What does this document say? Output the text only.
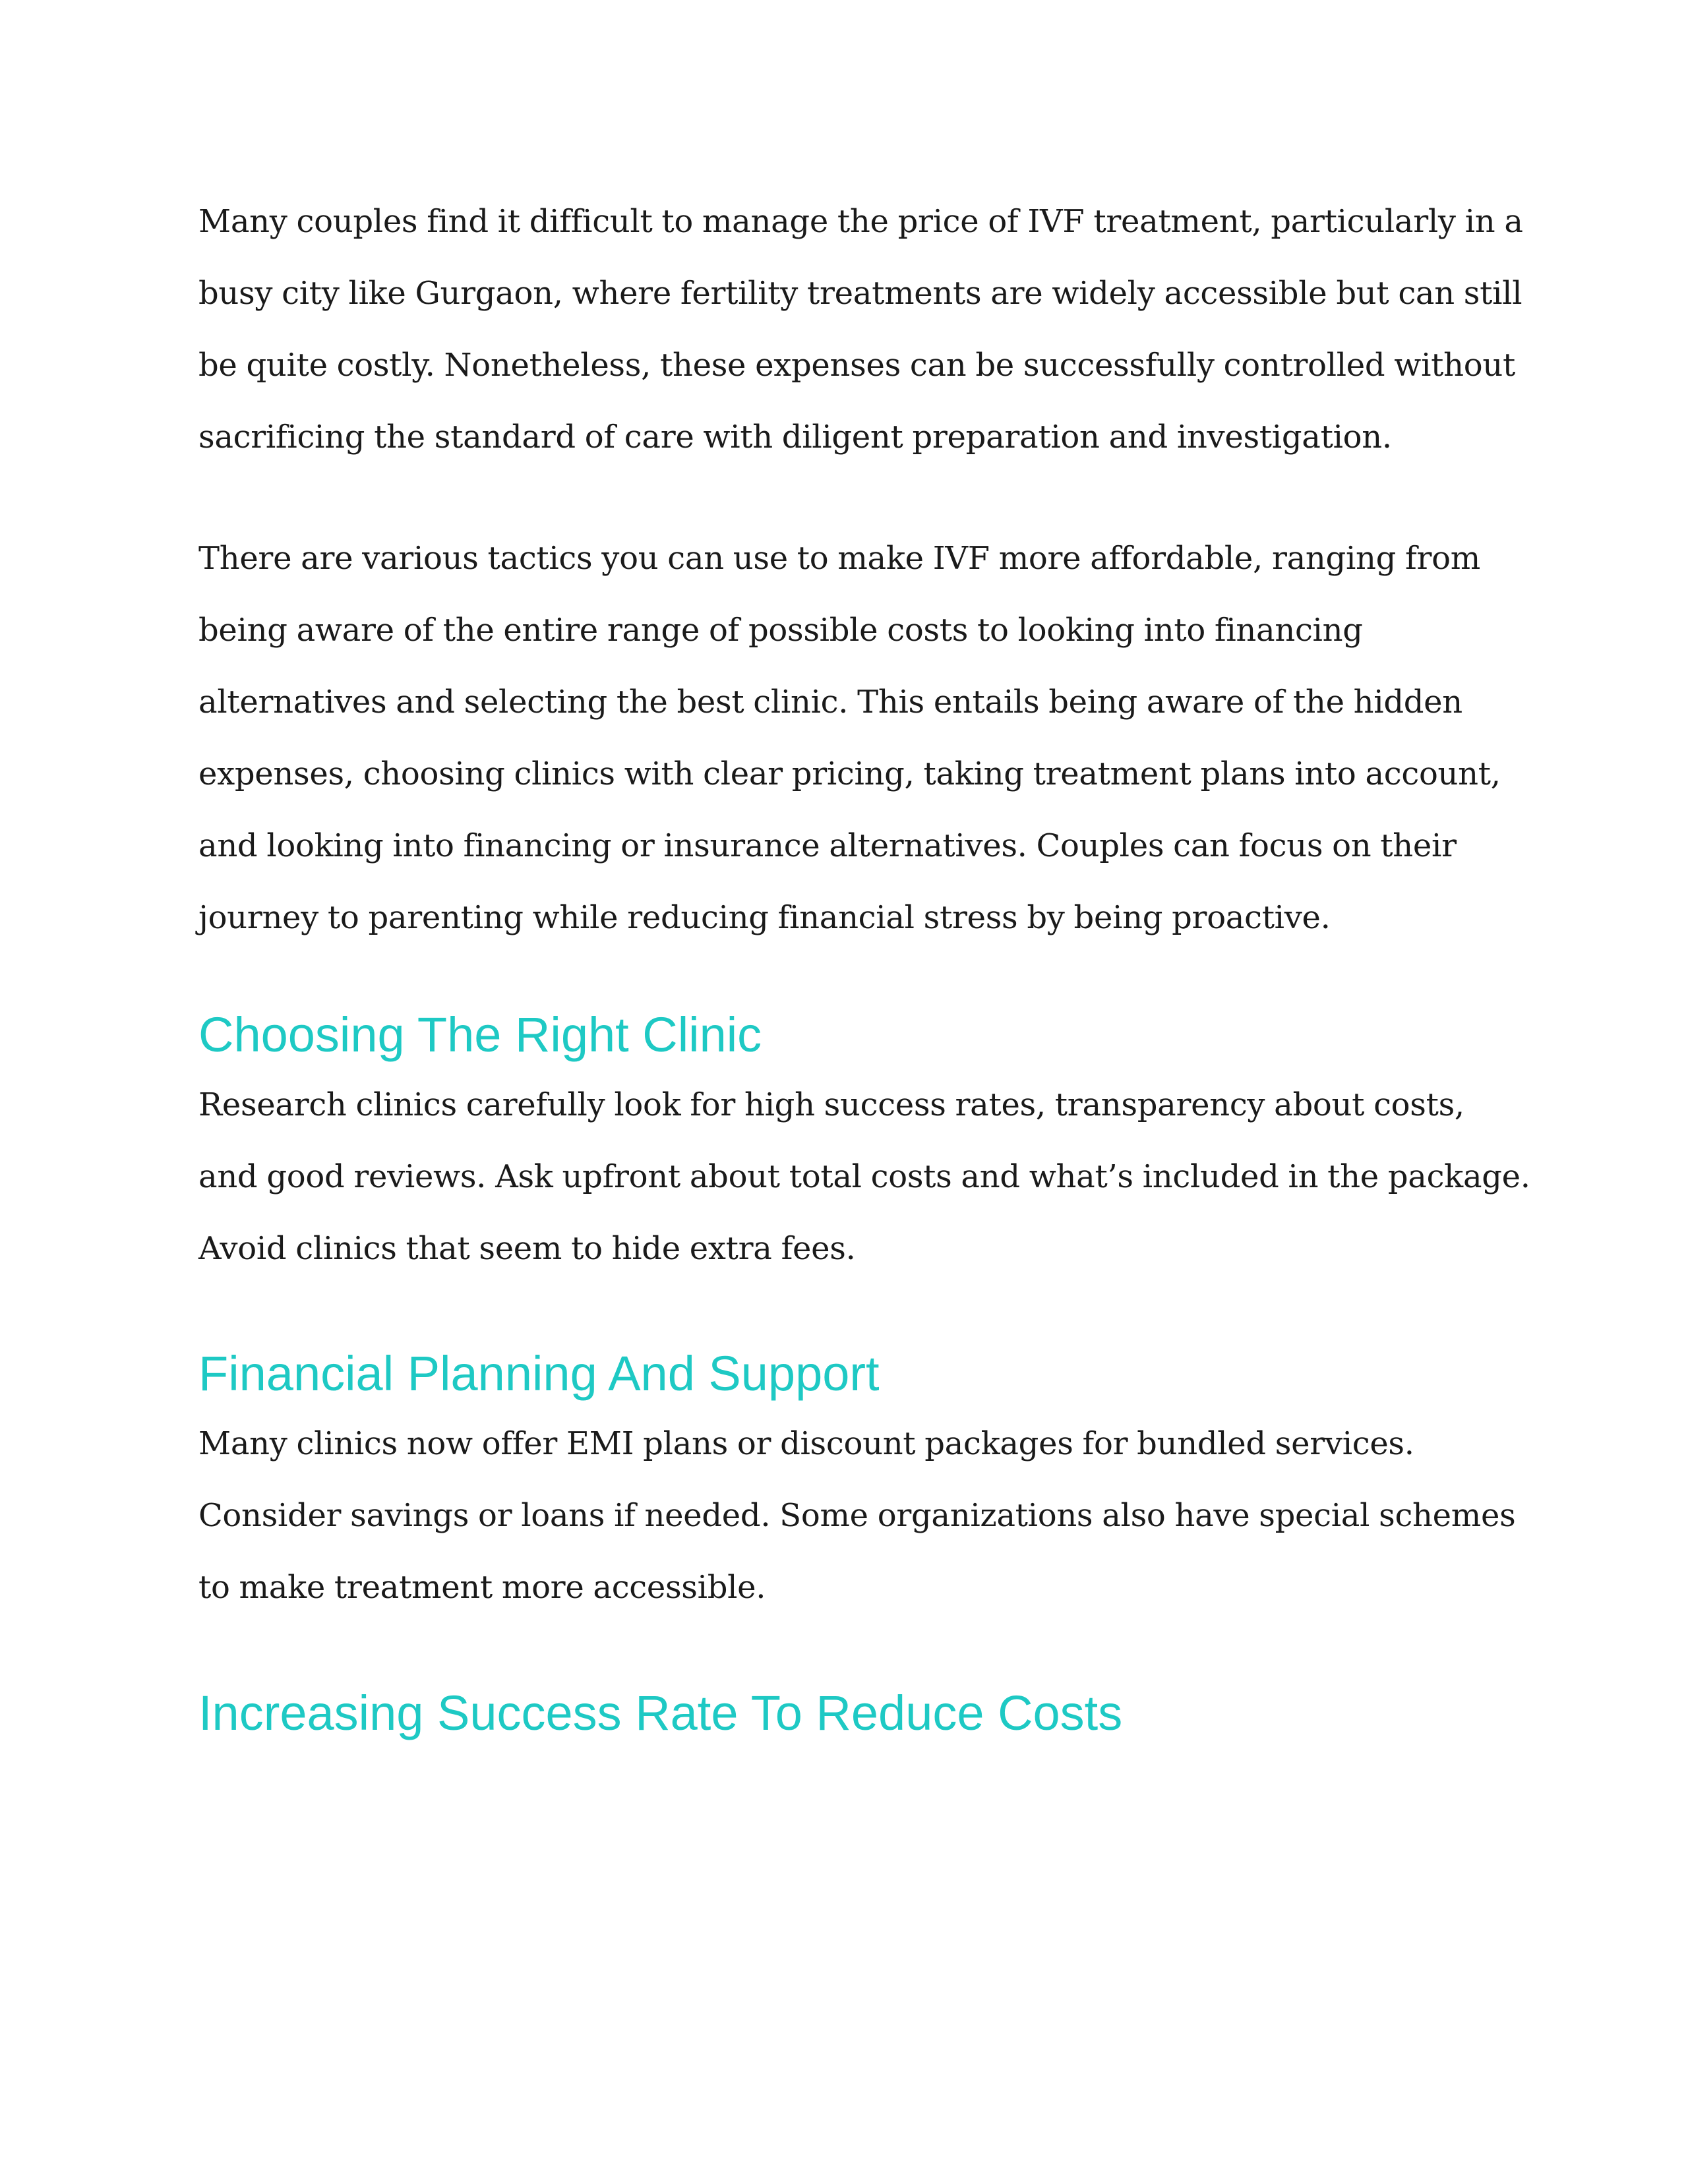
Many couples find it difficult to manage the price of IVF treatment, particularly in a busy city like Gurgaon, where fertility treatments are widely accessible but can still be quite costly. Nonetheless, these expenses can be successfully controlled without sacrificing the standard of care with diligent preparation and investigation.

There are various tactics you can use to make IVF more affordable, ranging from being aware of the entire range of possible costs to looking into financing alternatives and selecting the best clinic. This entails being aware of the hidden expenses, choosing clinics with clear pricing, taking treatment plans into account, and looking into financing or insurance alternatives. Couples can focus on their journey to parenting while reducing financial stress by being proactive.

Choosing The Right Clinic

Research clinics carefully look for high success rates, transparency about costs, and good reviews. Ask upfront about total costs and what’s included in the package. Avoid clinics that seem to hide extra fees.

Financial Planning And Support

Many clinics now offer EMI plans or discount packages for bundled services. Consider savings or loans if needed. Some organizations also have special schemes to make treatment more accessible.

Increasing Success Rate To Reduce Costs
